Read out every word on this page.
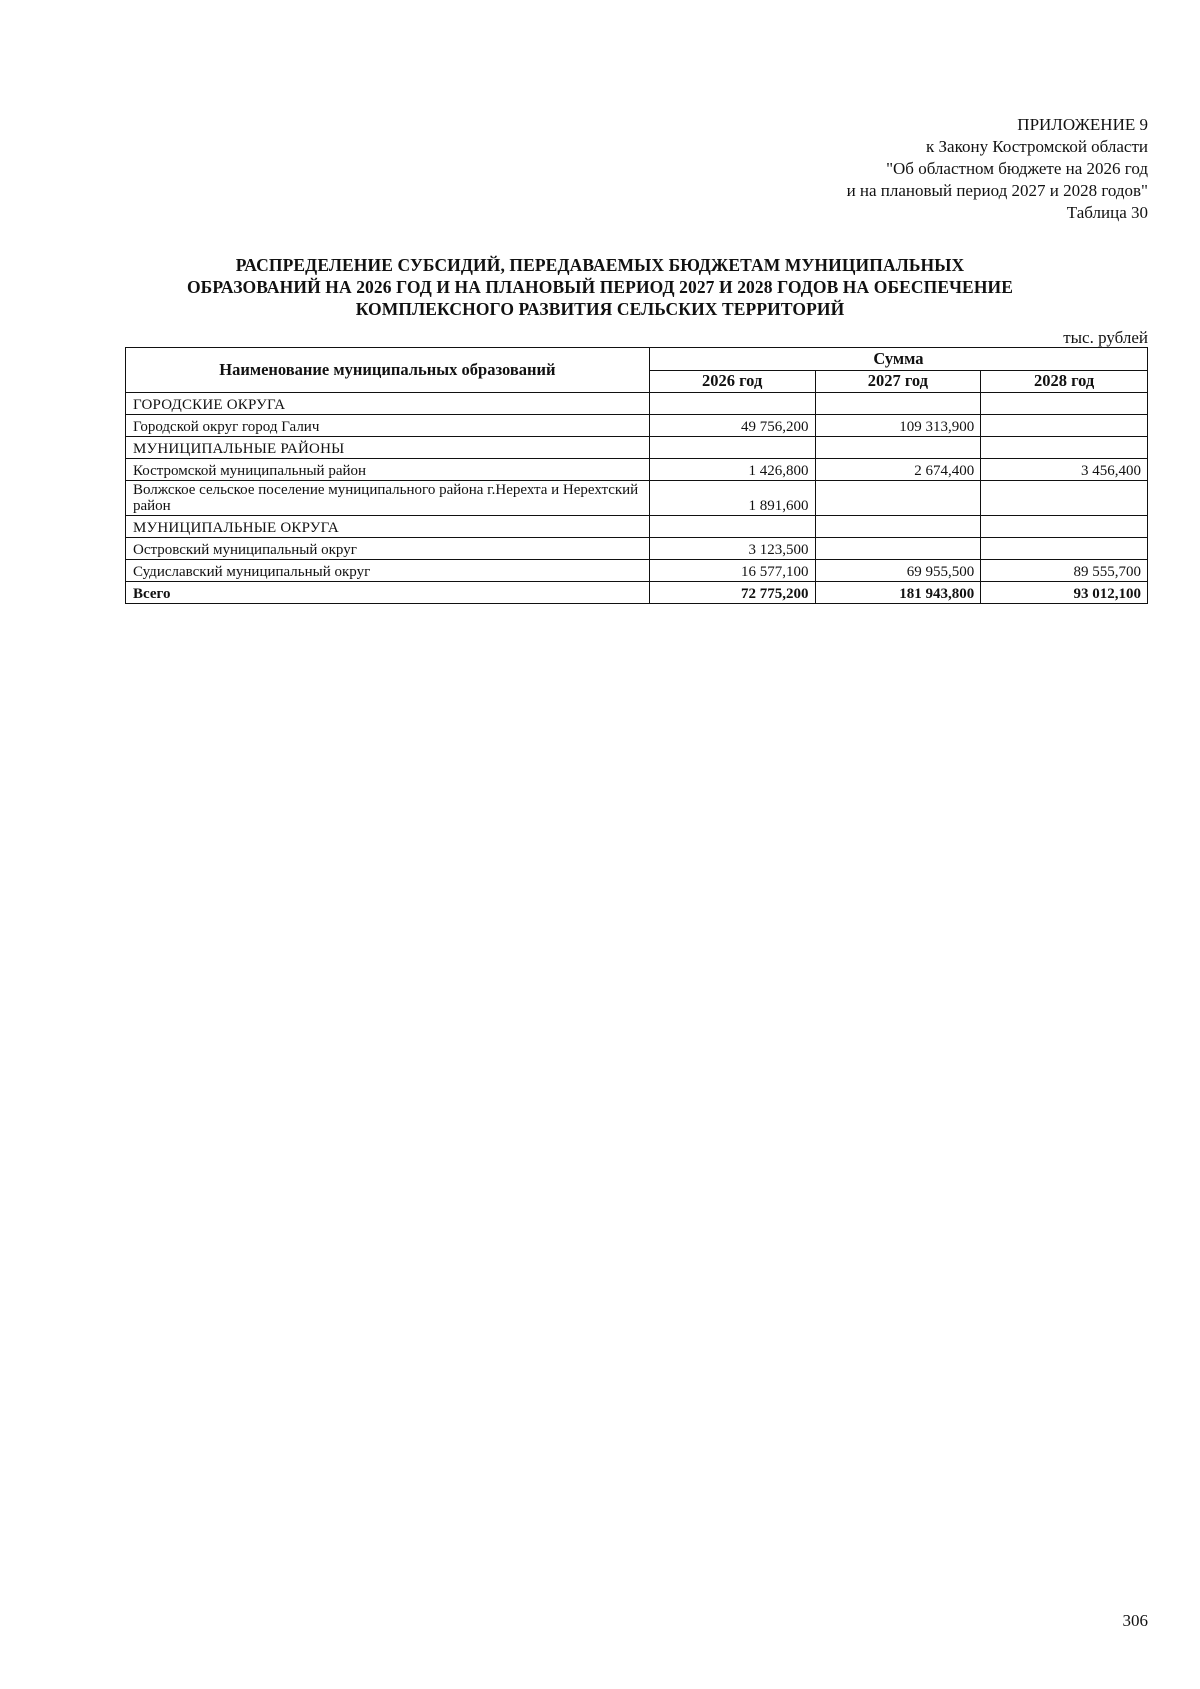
ПРИЛОЖЕНИЕ 9
к Закону Костромской области
"Об областном бюджете на 2026 год
и на плановый период 2027 и 2028 годов"
Таблица 30
РАСПРЕДЕЛЕНИЕ СУБСИДИЙ, ПЕРЕДАВАЕМЫХ БЮДЖЕТАМ МУНИЦИПАЛЬНЫХ
ОБРАЗОВАНИЙ НА 2026 ГОД И НА ПЛАНОВЫЙ ПЕРИОД 2027 И 2028 ГОДОВ НА ОБЕСПЕЧЕНИЕ
КОМПЛЕКСНОГО РАЗВИТИЯ СЕЛЬСКИХ ТЕРРИТОРИЙ
тыс. рублей
Наименование муниципальных образований	Сумма		
	2026 год	2027 год	2028 год
ГОРОДСКИЕ ОКРУГА			
Городской округ город Галич	49 756,200	109 313,900	
МУНИЦИПАЛЬНЫЕ РАЙОНЫ			
Костромской муниципальный район	1 426,800	2 674,400	3 456,400
Волжское сельское поселение муниципального района г.Нерехта и Нерехтский район	1 891,600		
МУНИЦИПАЛЬНЫЕ ОКРУГА			
Островский муниципальный округ	3 123,500		
Судиславский муниципальный округ	16 577,100	69 955,500	89 555,700
Всего	72 775,200	181 943,800	93 012,100
306
